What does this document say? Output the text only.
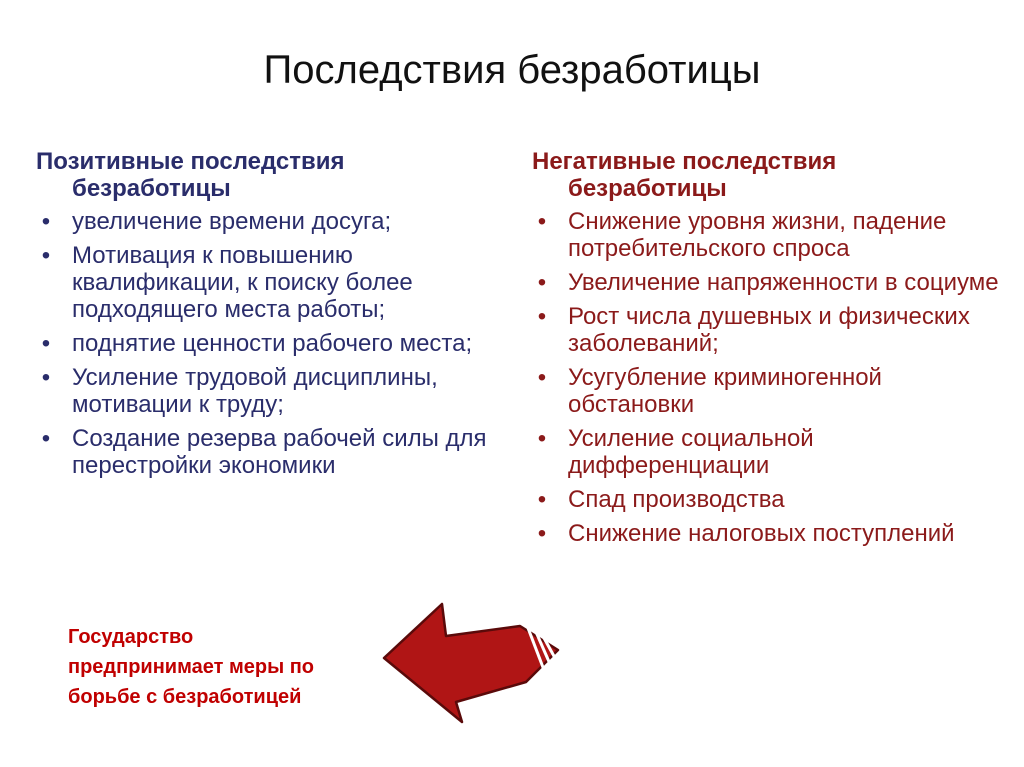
Последствия безработицы
Позитивные последствия
безработицы
• увеличение времени досуга;
• Мотивация к повышению квалификации, к поиску более подходящего места работы;
• поднятие ценности рабочего места;
• Усиление трудовой дисциплины, мотивации к труду;
• Создание резерва рабочей силы для перестройки экономики
Негативные последствия
безработицы
• Снижение уровня жизни, падение потребительского спроса
• Увеличение напряженности в социуме
• Рост числа душевных и физических заболеваний;
• Усугубление криминогенной обстановки
• Усиление социальной дифференциации
• Спад производства
• Снижение налоговых поступлений
Государство
предпринимает меры по
борьбе с безработицей
